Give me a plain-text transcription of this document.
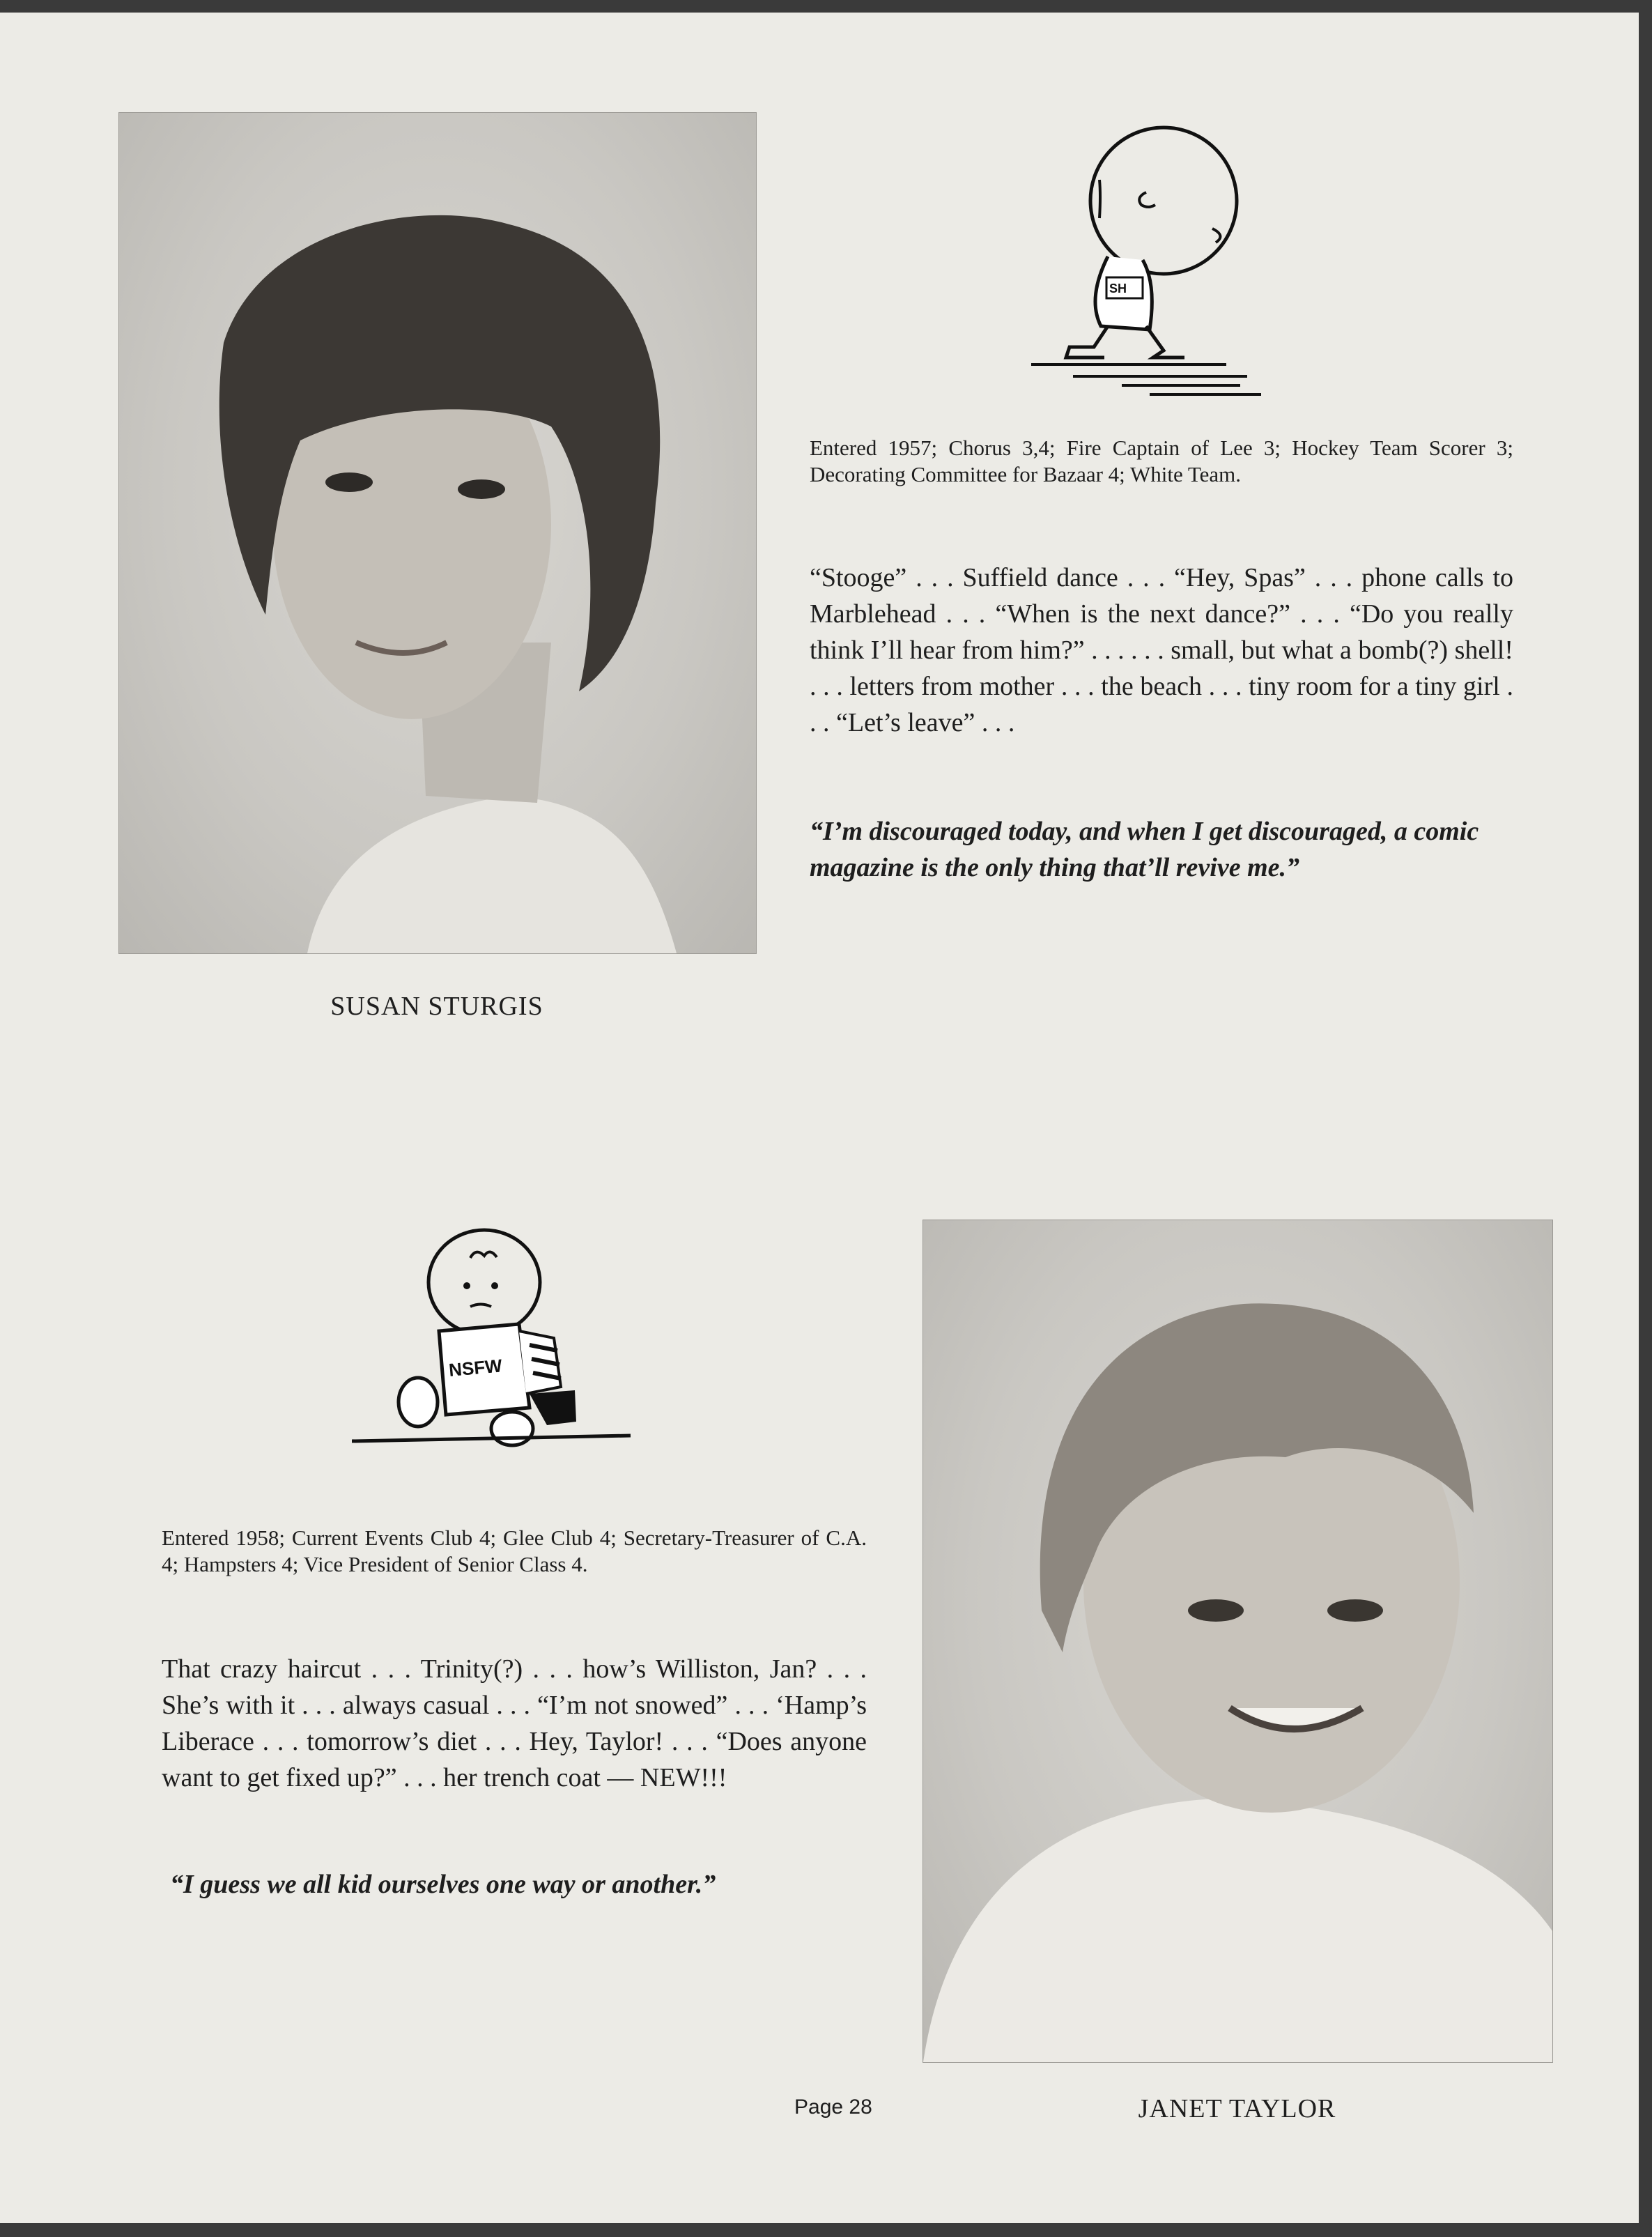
SUSAN STURGIS
SH
Entered 1957; Chorus 3,4; Fire Captain of Lee 3; Hockey Team Scorer 3; Decorating Committee for Bazaar 4; White Team.
“Stooge” . . . Suffield dance . . . “Hey, Spas” . . . phone calls to Marblehead . . . “When is the next dance?” . . . “Do you really think I’ll hear from him?” . . . . . . small, but what a bomb(?) shell! . . . letters from mother . . . the beach . . . tiny room for a tiny girl . . . “Let’s leave” . . .
“I’m discouraged today, and when I get discouraged, a comic magazine is the only thing that’ll revive me.”
NSFW
Entered 1958; Current Events Club 4; Glee Club 4; Secretary-Treasurer of C.A. 4; Hampsters 4; Vice President of Senior Class 4.
That crazy haircut . . . Trinity(?) . . . how’s Williston, Jan? . . . She’s with it . . . always casual . . . “I’m not snowed” . . . ‘Hamp’s Liberace . . . tomorrow’s diet . . . Hey, Taylor! . . . “Does anyone want to get fixed up?” . . . her trench coat — NEW!!!
“I guess we all kid ourselves one way or another.”
JANET TAYLOR
Page 28
